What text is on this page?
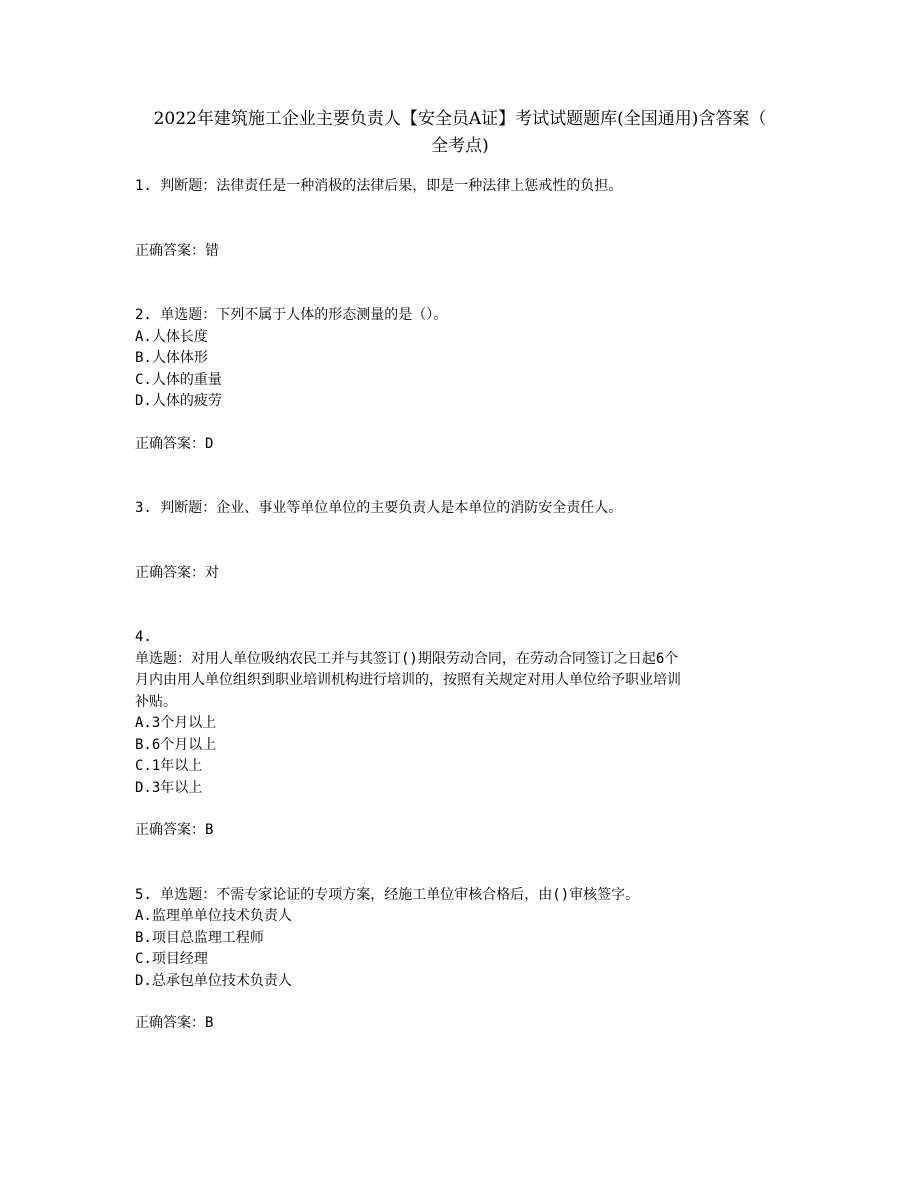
2022年建筑施工企业主要负责人【安全员A证】考试试题题库(全国通用)含答案（
全考点)
1. 判断题：法律责任是一种消极的法律后果，即是一种法律上惩戒性的负担。
正确答案：错
2. 单选题：下列不属于人体的形态测量的是（）。
A.人体长度
B.人体体形
C.人体的重量
D.人体的疲劳
正确答案：D
3. 判断题：企业、事业等单位单位的主要负责人是本单位的消防安全责任人。
正确答案：对
4.
单选题：对用人单位吸纳农民工并与其签订()期限劳动合同，在劳动合同签订之日起6个
月内由用人单位组织到职业培训机构进行培训的，按照有关规定对用人单位给予职业培训
补贴。
A.3个月以上
B.6个月以上
C.1年以上
D.3年以上
正确答案：B
5. 单选题：不需专家论证的专项方案，经施工单位审核合格后，由()审核签字。
A.监理单单位技术负责人
B.项目总监理工程师
C.项目经理
D.总承包单位技术负责人
正确答案：B
